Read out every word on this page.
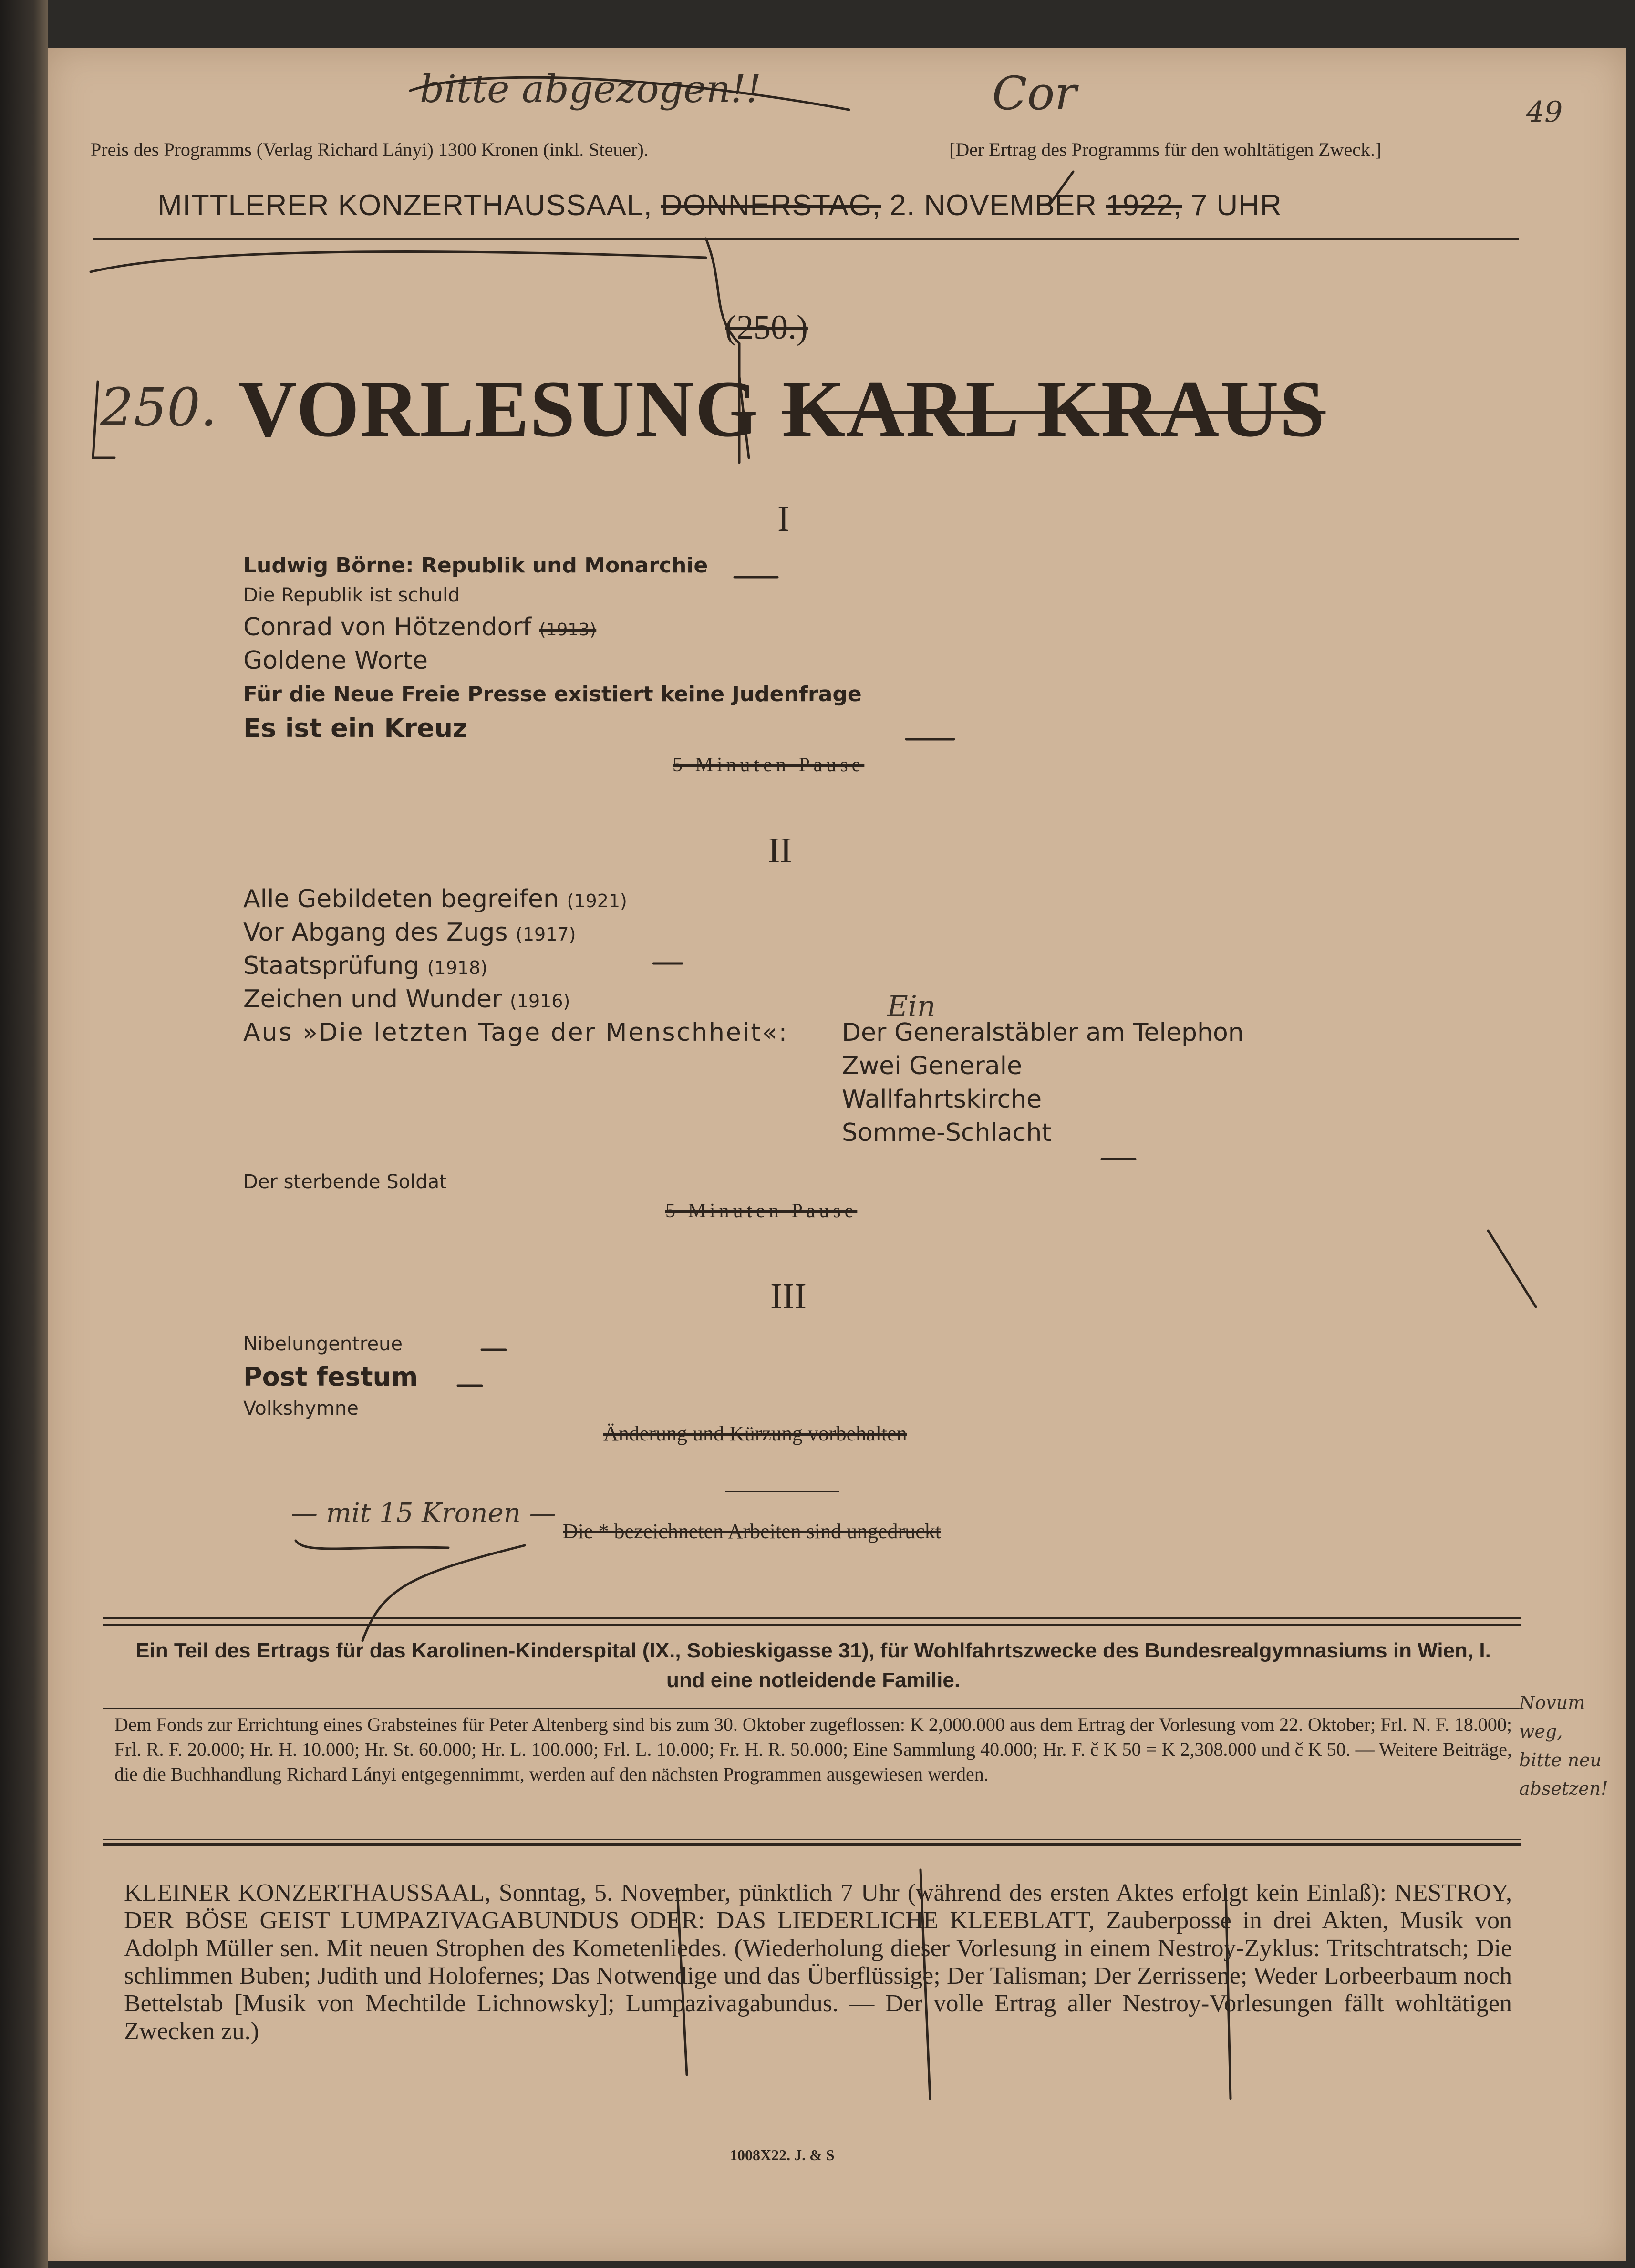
bitte abgezogen!!	Cor	49
Preis des Programms (Verlag Richard Lányi) 1300 Kronen (inkl. Steuer).	[Der Ertrag des Programms für den wohltätigen Zweck.]
MITTLERER KONZERTHAUSSAAL, DONNERSTAG, 2. NOVEMBER 1922, 7 UHR
(250.)
250. VORLESUNG KARL KRAUS
I
Ludwig Börne: Republik und Monarchie
Die Republik ist schuld
Conrad von Hötzendorf (1913)
Goldene Worte
Für die Neue Freie Presse existiert keine Judenfrage
Es ist ein Kreuz
5 Minuten Pause
II
Alle Gebildeten begreifen (1921)
Vor Abgang des Zugs (1917)
Staatsprüfung (1918)
Zeichen und Wunder (1916)
Aus »Die letzten Tage der Menschheit«:
Ein
Der Generalstäbler am Telephon
Zwei Generale
Wallfahrtskirche
Somme-Schlacht
Der sterbende Soldat
5 Minuten Pause
III
Nibelungentreue
Post festum
Volkshymne
Änderung und Kürzung vorbehalten
Die * bezeichneten Arbeiten sind ungedruckt
— mit 15 Kronen —
Ein Teil des Ertrags für das Karolinen-Kinderspital (IX., Sobieskigasse 31), für Wohlfahrtszwecke des Bundesrealgymnasiums in Wien, I. und eine notleidende Familie.
Dem Fonds zur Errichtung eines Grabsteines für Peter Altenberg sind bis zum 30. Oktober zugeflossen: K 2,000.000 aus dem Ertrag der Vorlesung vom 22. Oktober; Frl. N. F. 18.000; Frl. R. F. 20.000; Hr. H. 10.000; Hr. St. 60.000; Hr. L. 100.000; Frl. L. 10.000; Fr. H. R. 50.000; Eine Sammlung 40.000; Hr. F. č K 50 = K 2,308.000 und č K 50. — Weitere Beiträge, die die Buchhandlung Richard Lányi entgegennimmt, werden auf den nächsten Programmen ausgewiesen werden.
Novum weg, bitte neu absetzen!
KLEINER KONZERTHAUSSAAL, Sonntag, 5. November, pünktlich 7 Uhr (während des ersten Aktes erfolgt kein Einlaß): NESTROY, DER BÖSE GEIST LUMPAZIVAGABUNDUS ODER: DAS LIEDERLICHE KLEEBLATT, Zauberposse in drei Akten, Musik von Adolph Müller sen. Mit neuen Strophen des Kometenliedes. (Wiederholung dieser Vorlesung in einem Nestroy-Zyklus: Tritschtratsch; Die schlimmen Buben; Judith und Holofernes; Das Notwendige und das Überflüssige; Der Talisman; Der Zerrissene; Weder Lorbeerbaum noch Bettelstab [Musik von Mechtilde Lichnowsky]; Lumpazivagabundus. — Der volle Ertrag aller Nestroy-Vorlesungen fällt wohltätigen Zwecken zu.)
1008X22. J. & S
